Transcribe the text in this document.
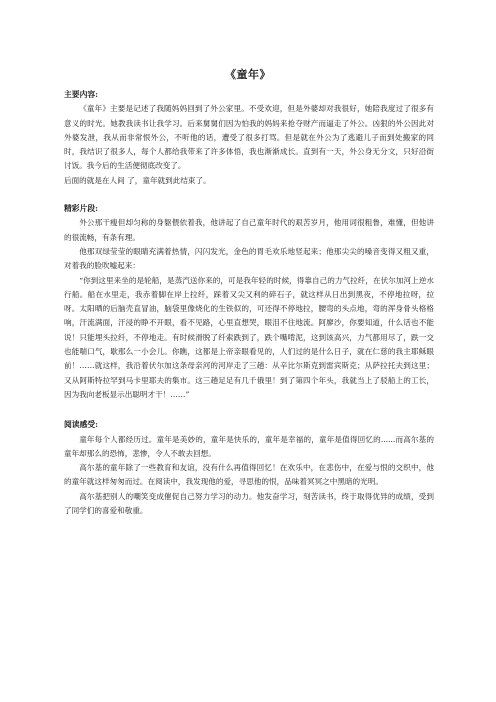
《童年》

主要内容:

《童年》主要是记述了我随妈妈回到了外公家里。不受欢迎，但是外婆却对我很好，她陪我度过了很多有意义的时光。她教我读书让我学习。后来舅舅们因为怕我的妈妈来抢夺财产而逼走了外公。凶狠的外公因此对外婆发泄，我从而非常恨外公，不听他的话，遭受了很多打骂。但是就在外公为了逃避儿子而到处搬家的同时，我结识了很多人，每个人都给我带来了许多体悟，我也渐渐成长。直到有一天，外公身无分文，只好沿街讨饭。我今后的生活便彻底改变了。

后面的就是在人间 了，童年就到此结束了。

精彩片段:

外公那干瘦但却匀称的身躯偎依着我，他讲起了自己童年时代的艰苦岁月，他用词很粗鲁，难懂，但他讲的很流畅，有条有理。

他那双绿莹莹的眼睛充满着热情，闪闪发光，金色的胃毛欢乐地竖起来；他那尖尖的嗓音变得又粗又重，对着我的脸吹嘘起来：

“你到这里来坐的是轮船，是蒸汽送你来的，可是我年轻的时候，得靠自己的力气拉纤，在伏尔加河上逆水行船。船在水里走，我赤着脚在岸上拉纤，踩着又尖又利的碎石子，就这样从日出到黑夜，不停地拉呀，拉呀。太阳晒的后脑壳直冒油，脑袋里像烧化的生铁似的，可还得不停地拉，腰弯的头点地，弯的浑身骨头格格响，汗流满面，汗浸的睁不开眼，看不见路，心里直想哭，眼泪不住地流。阿廖沙，你要知道，什么话也不能说！只能埋头拉纤，不停地走。有时候滑脱了纤索跌到了，跌个嘴啃泥，这到该高兴，力气都用尽了，跌一交也能喘口气，歇那么一小会儿。你瞧，这都是上帝亲眼看见的，人们过的是什么日子，就在仁慈的我主耶稣眼前！……就这样，我沿着伏尔加这条母亲河的河岸走了三趟：从辛比尔斯克到雷宾斯克；从萨拉托夫到这里；又从阿斯特拉罕到马卡里耶夫的集市。这三趟足足有几千俄里！到了第四个年头，我就当上了驳船上的工长，因为我向老板显示出聪明才干！……”

阅读感受:

童年每个人都经历过。童年是美妙的，童年是快乐的，童年是幸福的，童年是值得回忆的......而高尔基的童年却那么的恐怖，悲惨，令人不敢去回想。

高尔基的童年除了一些教育和友谊，没有什么再值得回忆！在欢乐中，在悲伤中，在爱与恨的交织中，他的童年就这样匆匆而过。在阅读中，我发现他的爱，寻思他的恨，品味着冥冥之中黑暗的光明。

高尔基把别人的嘲笑变成催促自己努力学习的动力。他发奋学习，刻苦读书，终于取得优异的成绩，受到了同学们的喜爱和敬重。
